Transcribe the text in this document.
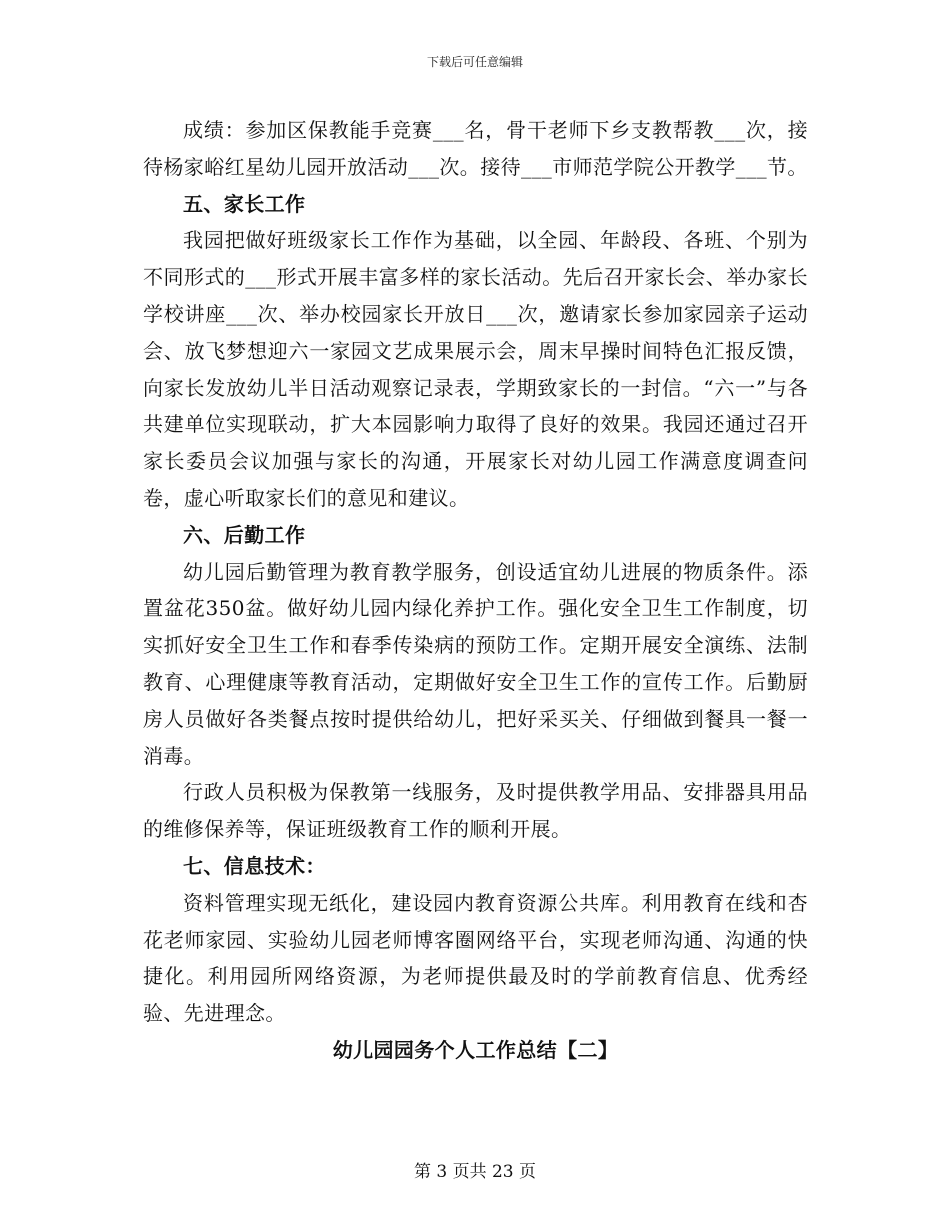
下载后可任意编辑

成绩：参加区保教能手竞赛___名，骨干老师下乡支教帮教___次，接待杨家峪红星幼儿园开放活动___次。接待___市师范学院公开教学___节。

五、家长工作

我园把做好班级家长工作作为基础，以全园、年龄段、各班、个别为不同形式的___形式开展丰富多样的家长活动。先后召开家长会、举办家长学校讲座___次、举办校园家长开放日___次，邀请家长参加家园亲子运动会、放飞梦想迎六一家园文艺成果展示会，周末早操时间特色汇报反馈，向家长发放幼儿半日活动观察记录表，学期致家长的一封信。“六一”与各共建单位实现联动，扩大本园影响力取得了良好的效果。我园还通过召开家长委员会议加强与家长的沟通，开展家长对幼儿园工作满意度调查问卷，虚心听取家长们的意见和建议。

六、后勤工作

幼儿园后勤管理为教育教学服务，创设适宜幼儿进展的物质条件。添置盆花350盆。做好幼儿园内绿化养护工作。强化安全卫生工作制度，切实抓好安全卫生工作和春季传染病的预防工作。定期开展安全演练、法制教育、心理健康等教育活动，定期做好安全卫生工作的宣传工作。后勤厨房人员做好各类餐点按时提供给幼儿，把好采买关、仔细做到餐具一餐一消毒。

行政人员积极为保教第一线服务，及时提供教学用品、安排器具用品的维修保养等，保证班级教育工作的顺利开展。

七、信息技术：

资料管理实现无纸化，建设园内教育资源公共库。利用教育在线和杏花老师家园、实验幼儿园老师博客圈网络平台，实现老师沟通、沟通的快捷化。利用园所网络资源，为老师提供最及时的学前教育信息、优秀经验、先进理念。

幼儿园园务个人工作总结【二】

第 3 页共 23 页
